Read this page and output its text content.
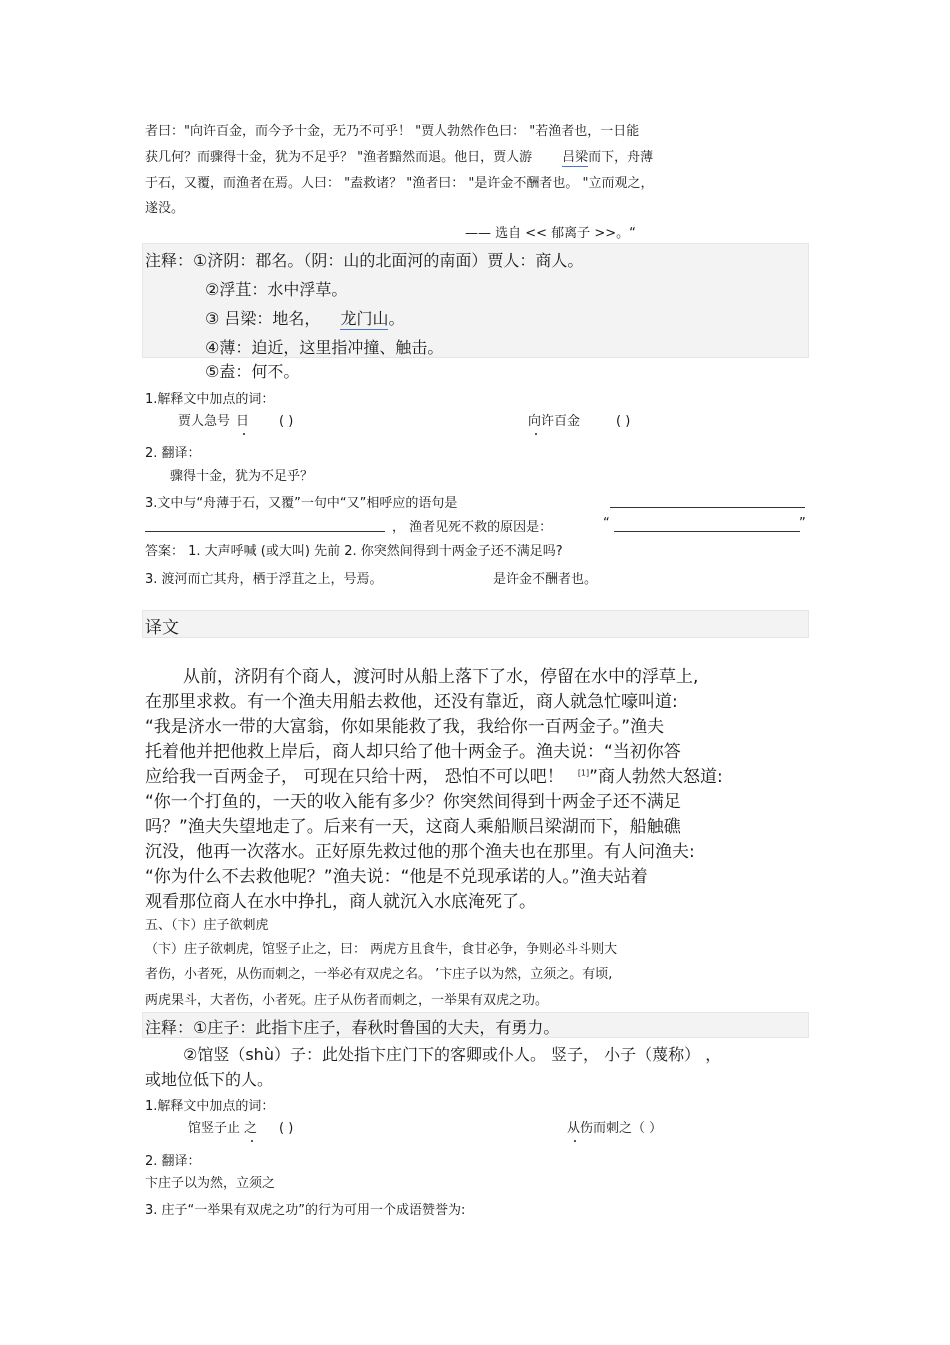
者曰："向许百金，而今予十金，无乃不可乎！ "贾人勃然作色曰： "若渔者也，一日能
获几何？而骤得十金，犹为不足乎？ "渔者黯然而退。他日，贾人游 吕梁而下，舟薄
于石，又覆，而渔者在焉。人曰： "盍救诸？ "渔者曰： "是许金不酬者也。 "立而观之，
遂没。
—— 选自 << 郁离子 >>。“
注释：①济阴：郡名。（阴：山的北面河的南面）贾人：商人。
②浮苴：水中浮草。
③ 吕梁：地名， 龙门山。
④薄：迫近，这里指冲撞、触击。
⑤盍：何不。
1.解释文中加点的词：
贾人急号 日 ( )	向许百金	( )
2. 翻译：
骤得十金，犹为不足乎？
3.文中与“舟薄于石，又覆”一句中“又”相呼应的语句是
， 渔者见死不救的原因是：	“	”
答案： 1. 大声呼喊 (或大叫) 先前 2. 你突然间得到十两金子还不满足吗?
3. 渡河而亡其舟，栖于浮苴之上，号焉。	是许金不酬者也。
译文
从前，济阴有个商人，渡河时从船上落下了水，停留在水中的浮草上,
在那里求救。有一个渔夫用船去救他，还没有靠近，商人就急忙嚎叫道:
“我是济水一带的大富翁，你如果能救了我，我给你一百两金子。”渔夫
托着他并把他救上岸后，商人却只给了他十两金子。渔夫说：“当初你答
应给我一百两金子， 可现在只给十两， 恐怕不可以吧！ [1]”商人勃然大怒道:
“你一个打鱼的，一天的收入能有多少？你突然间得到十两金子还不满足
吗？”渔夫失望地走了。后来有一天，这商人乘船顺吕梁湖而下，船触礁
沉没，他再一次落水。正好原先救过他的那个渔夫也在那里。有人问渔夫:
“你为什么不去救他呢？”渔夫说：“他是不兑现承诺的人。”渔夫站着
观看那位商人在水中挣扎，商人就沉入水底淹死了。
五、（卞）庄子欲刺虎
（卞）庄子欲刺虎，馆竖子止之，曰： 两虎方且食牛，食甘必争，争则必斗斗则大
者伤，小者死，从伤而刺之，一举必有双虎之名。 ’卞庄子以为然，立须之。有顷,
两虎果斗，大者伤，小者死。庄子从伤者而刺之，一举果有双虎之功。
注释：①庄子：此指卞庄子，春秋时鲁国的大夫，有勇力。
②馆竖（shù）子：此处指卞庄门下的客卿或仆人。 竖子， 小子（蔑称） ，
或地位低下的人。
1.解释文中加点的词：
馆竖子止 之 ( )	从伤而刺之（ ）
2. 翻译：
卞庄子以为然，立须之
3. 庄子“一举果有双虎之功”的行为可用一个成语赞誉为:
